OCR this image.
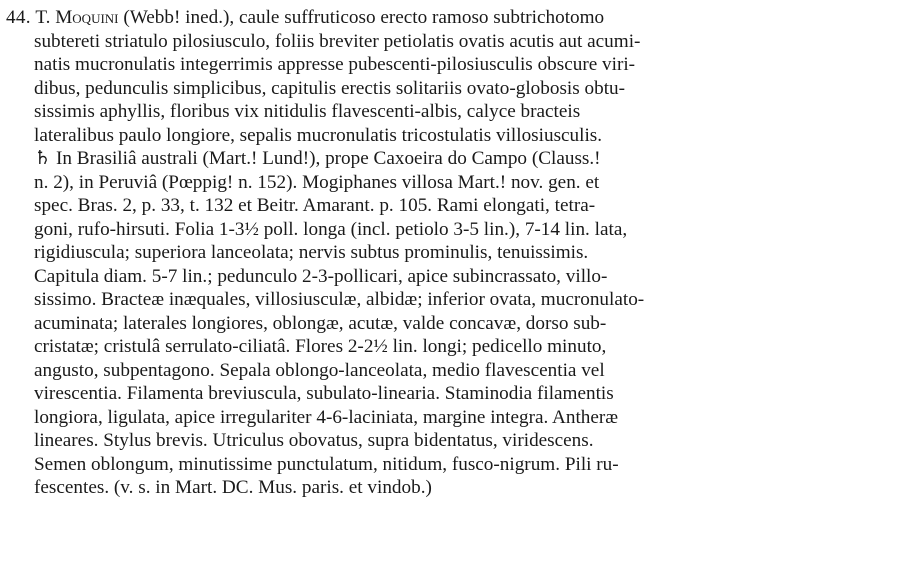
44. T. Moquini (Webb! ined.), caule suffruticoso erecto ramoso subtrichotomo
subtereti striatulo pilosiusculo, foliis breviter petiolatis ovatis acutis aut acumi-
natis mucronulatis integerrimis appresse pubescenti-pilosiusculis obscure viri-
dibus, pedunculis simplicibus, capitulis erectis solitariis ovato-globosis obtu-
sissimis aphyllis, floribus vix nitidulis flavescenti-albis, calyce bracteis
lateralibus paulo longiore, sepalis mucronulatis tricostulatis villosiusculis.
♄ In Brasiliâ australi (Mart.! Lund!), prope Caxoeira do Campo (Clauss.!
n. 2), in Peruviâ (Pœppig! n. 152). Mogiphanes villosa Mart.! nov. gen. et
spec. Bras. 2, p. 33, t. 132 et Beitr. Amarant. p. 105. Rami elongati, tetra-
goni, rufo-hirsuti. Folia 1-3½ poll. longa (incl. petiolo 3-5 lin.), 7-14 lin. lata,
rigidiuscula; superiora lanceolata; nervis subtus prominulis, tenuissimis.
Capitula diam. 5-7 lin.; pedunculo 2-3-pollicari, apice subincrassato, villo-
sissimo. Bracteæ inæquales, villosiusculæ, albidæ; inferior ovata, mucronulato-
acuminata; laterales longiores, oblongæ, acutæ, valde concavæ, dorso sub-
cristatæ; cristulâ serrulato-ciliatâ. Flores 2-2½ lin. longi; pedicello minuto,
angusto, subpentagono. Sepala oblongo-lanceolata, medio flavescentia vel
virescentia. Filamenta breviuscula, subulato-linearia. Staminodia filamentis
longiora, ligulata, apice irregulariter 4-6-laciniata, margine integra. Antheræ
lineares. Stylus brevis. Utriculus obovatus, supra bidentatus, viridescens.
Semen oblongum, minutissime punctulatum, nitidum, fusco-nigrum. Pili ru-
fescentes. (v. s. in Mart. DC. Mus. paris. et vindob.)
